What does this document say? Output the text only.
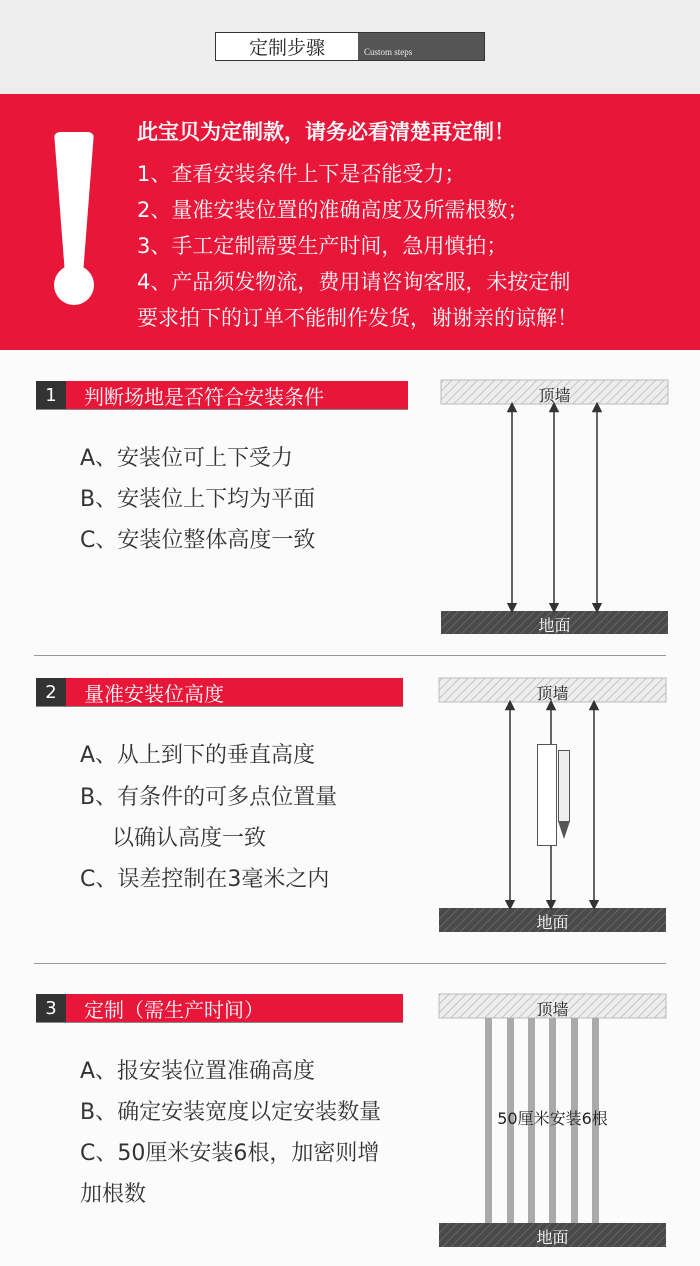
定制步骤	Custom steps
此宝贝为定制款，请务必看清楚再定制！
1、查看安装条件上下是否能受力；
2、量准安装位置的准确高度及所需根数；
3、手工定制需要生产时间，急用慎拍；
4、产品须发物流，费用请咨询客服，未按定制
要求拍下的订单不能制作发货，谢谢亲的谅解！
1	判断场地是否符合安装条件
A、安装位可上下受力
B、安装位上下均为平面
C、安装位整体高度一致
2	量准安装位高度
A、从上到下的垂直高度
B、有条件的可多点位置量
以确认高度一致
C、误差控制在3毫米之内
3	定制（需生产时间）
A、报安装位置准确高度
B、确定安装宽度以定安装数量
C、50厘米安装6根，加密则增
加根数
顶墙
地面
顶墙
地面
顶墙
地面
50厘米安装6根
